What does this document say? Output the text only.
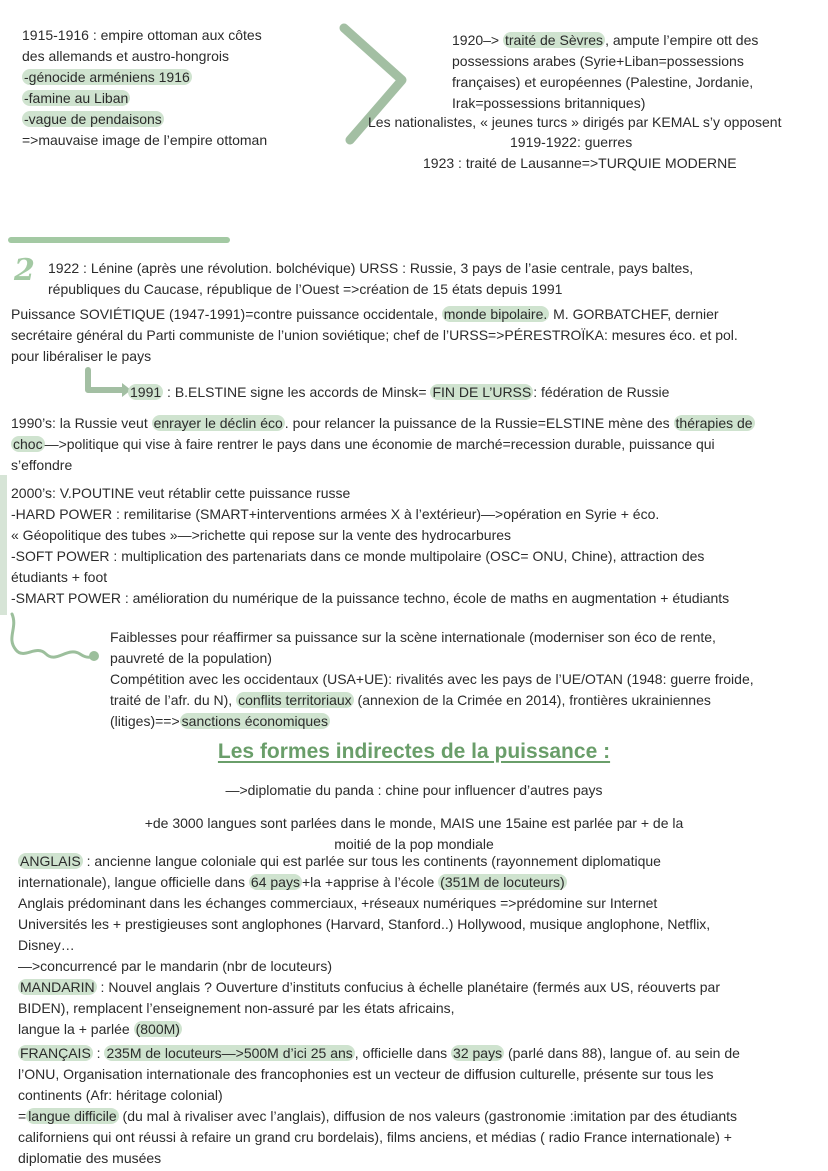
1915-1916 : empire ottoman aux côtes
des allemands et austro-hongrois
-génocide arméniens 1916
-famine au Liban
-vague de pendaisons
=>mauvaise image de l’empire ottoman
1920–> traité de Sèvres , ampute l’empire ott des
possessions arabes (Syrie+Liban=possessions
françaises) et européennes (Palestine, Jordanie,
Irak=possessions britanniques)
Les nationalistes, « jeunes turcs » dirigés par KEMAL s’y opposent
1919-1922: guerres
1923 : traité de Lausanne=>TURQUIE MODERNE
2 1922 : Lénine (après une révolution. bolchévique) URSS : Russie, 3 pays de l’asie centrale, pays baltes,
républiques du Caucase, république de l’Ouest =>création de 15 états depuis 1991
Puissance SOVIÉTIQUE (1947-1991)=contre puissance occidentale, monde bipolaire. M. GORBATCHEF, dernier
secrétaire général du Parti communiste de l’union soviétique; chef de l’URSS=>PÉRESTROÏKA: mesures éco. et pol.
pour libéraliser le pays
1991 : B.ELSTINE signe les accords de Minsk= FIN DE L’URSS : fédération de Russie
1990’s: la Russie veut enrayer le déclin éco . pour relancer la puissance de la Russie=ELSTINE mène des thérapies de
choc —>politique qui vise à faire rentrer le pays dans une économie de marché=recession durable, puissance qui
s’effondre
2000’s: V.POUTINE veut rétablir cette puissance russe
-HARD POWER : remilitarise (SMART+interventions armées X à l’extérieur)—>opération en Syrie + éco.
« Géopolitique des tubes »—>richette qui repose sur la vente des hydrocarbures
-SOFT POWER : multiplication des partenariats dans ce monde multipolaire (OSC= ONU, Chine), attraction des
étudiants + foot
-SMART POWER : amélioration du numérique de la puissance techno, école de maths en augmentation + étudiants
Faiblesses pour réaffirmer sa puissance sur la scène internationale (moderniser son éco de rente,
pauvreté de la population)
Compétition avec les occidentaux (USA+UE): rivalités avec les pays de l’UE/OTAN (1948: guerre froide,
traité de l’afr. du N), conflits territoriaux (annexion de la Crimée en 2014), frontières ukrainiennes
(litiges)==> sanctions économiques
Les formes indirectes de la puissance :
—>diplomatie du panda : chine pour influencer d’autres pays
+de 3000 langues sont parlées dans le monde, MAIS une 15aine est parlée par + de la
moitié de la pop mondiale
ANGLAIS : ancienne langue coloniale qui est parlée sur tous les continents (rayonnement diplomatique
internationale), langue officielle dans 64 pays +la +apprise à l’école (351M de locuteurs)
Anglais prédominant dans les échanges commerciaux, +réseaux numériques =>prédomine sur Internet
Universités les + prestigieuses sont anglophones (Harvard, Stanford..) Hollywood, musique anglophone, Netflix,
Disney…
—>concurrencé par le mandarin (nbr de locuteurs)
MANDARIN : Nouvel anglais ? Ouverture d’instituts confucius à échelle planétaire (fermés aux US, réouverts par
BIDEN), remplacent l’enseignement non-assuré par les états africains,
langue la + parlée (800M)
FRANÇAIS : 235M de locuteurs—>500M d’ici 25 ans , officielle dans 32 pays (parlé dans 88), langue of. au sein de
l’ONU, Organisation internationale des francophonies est un vecteur de diffusion culturelle, présente sur tous les
continents (Afr: héritage colonial)
= langue difficile (du mal à rivaliser avec l’anglais), diffusion de nos valeurs (gastronomie :imitation par des étudiants
californiens qui ont réussi à refaire un grand cru bordelais), films anciens, et médias ( radio France internationale) +
diplomatie des musées
